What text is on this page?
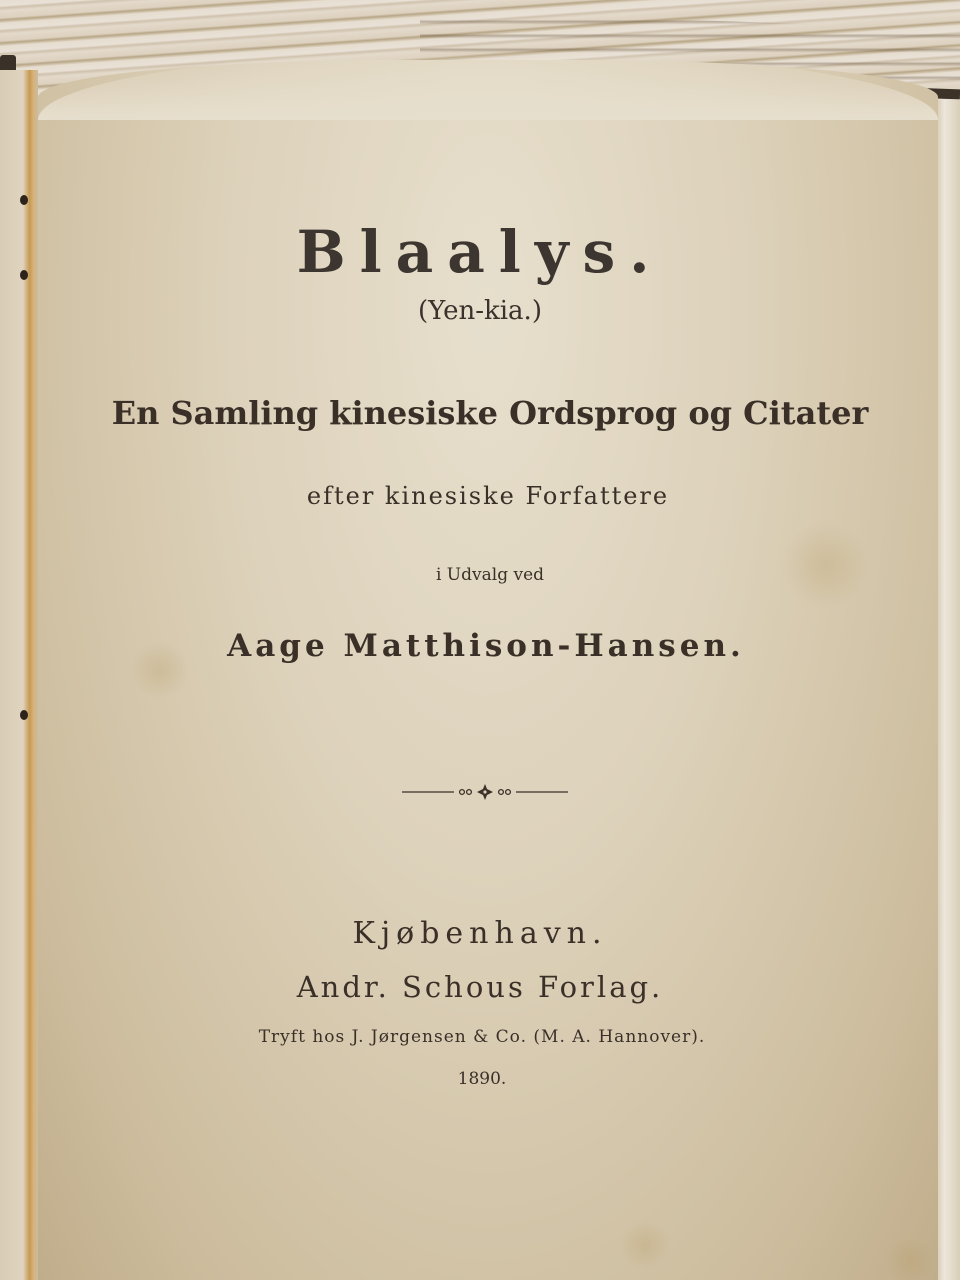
Blaalys.
(Yen-kia.)
En Samling kinesiske Ordsprog og Citater
efter kinesiske Forfattere
i Udvalg ved
Aage Matthison-Hansen.
Kjøbenhavn.
Andr. Schous Forlag.
Tryft hos J. Jørgensen & Co. (M. A. Hannover).
1890.
